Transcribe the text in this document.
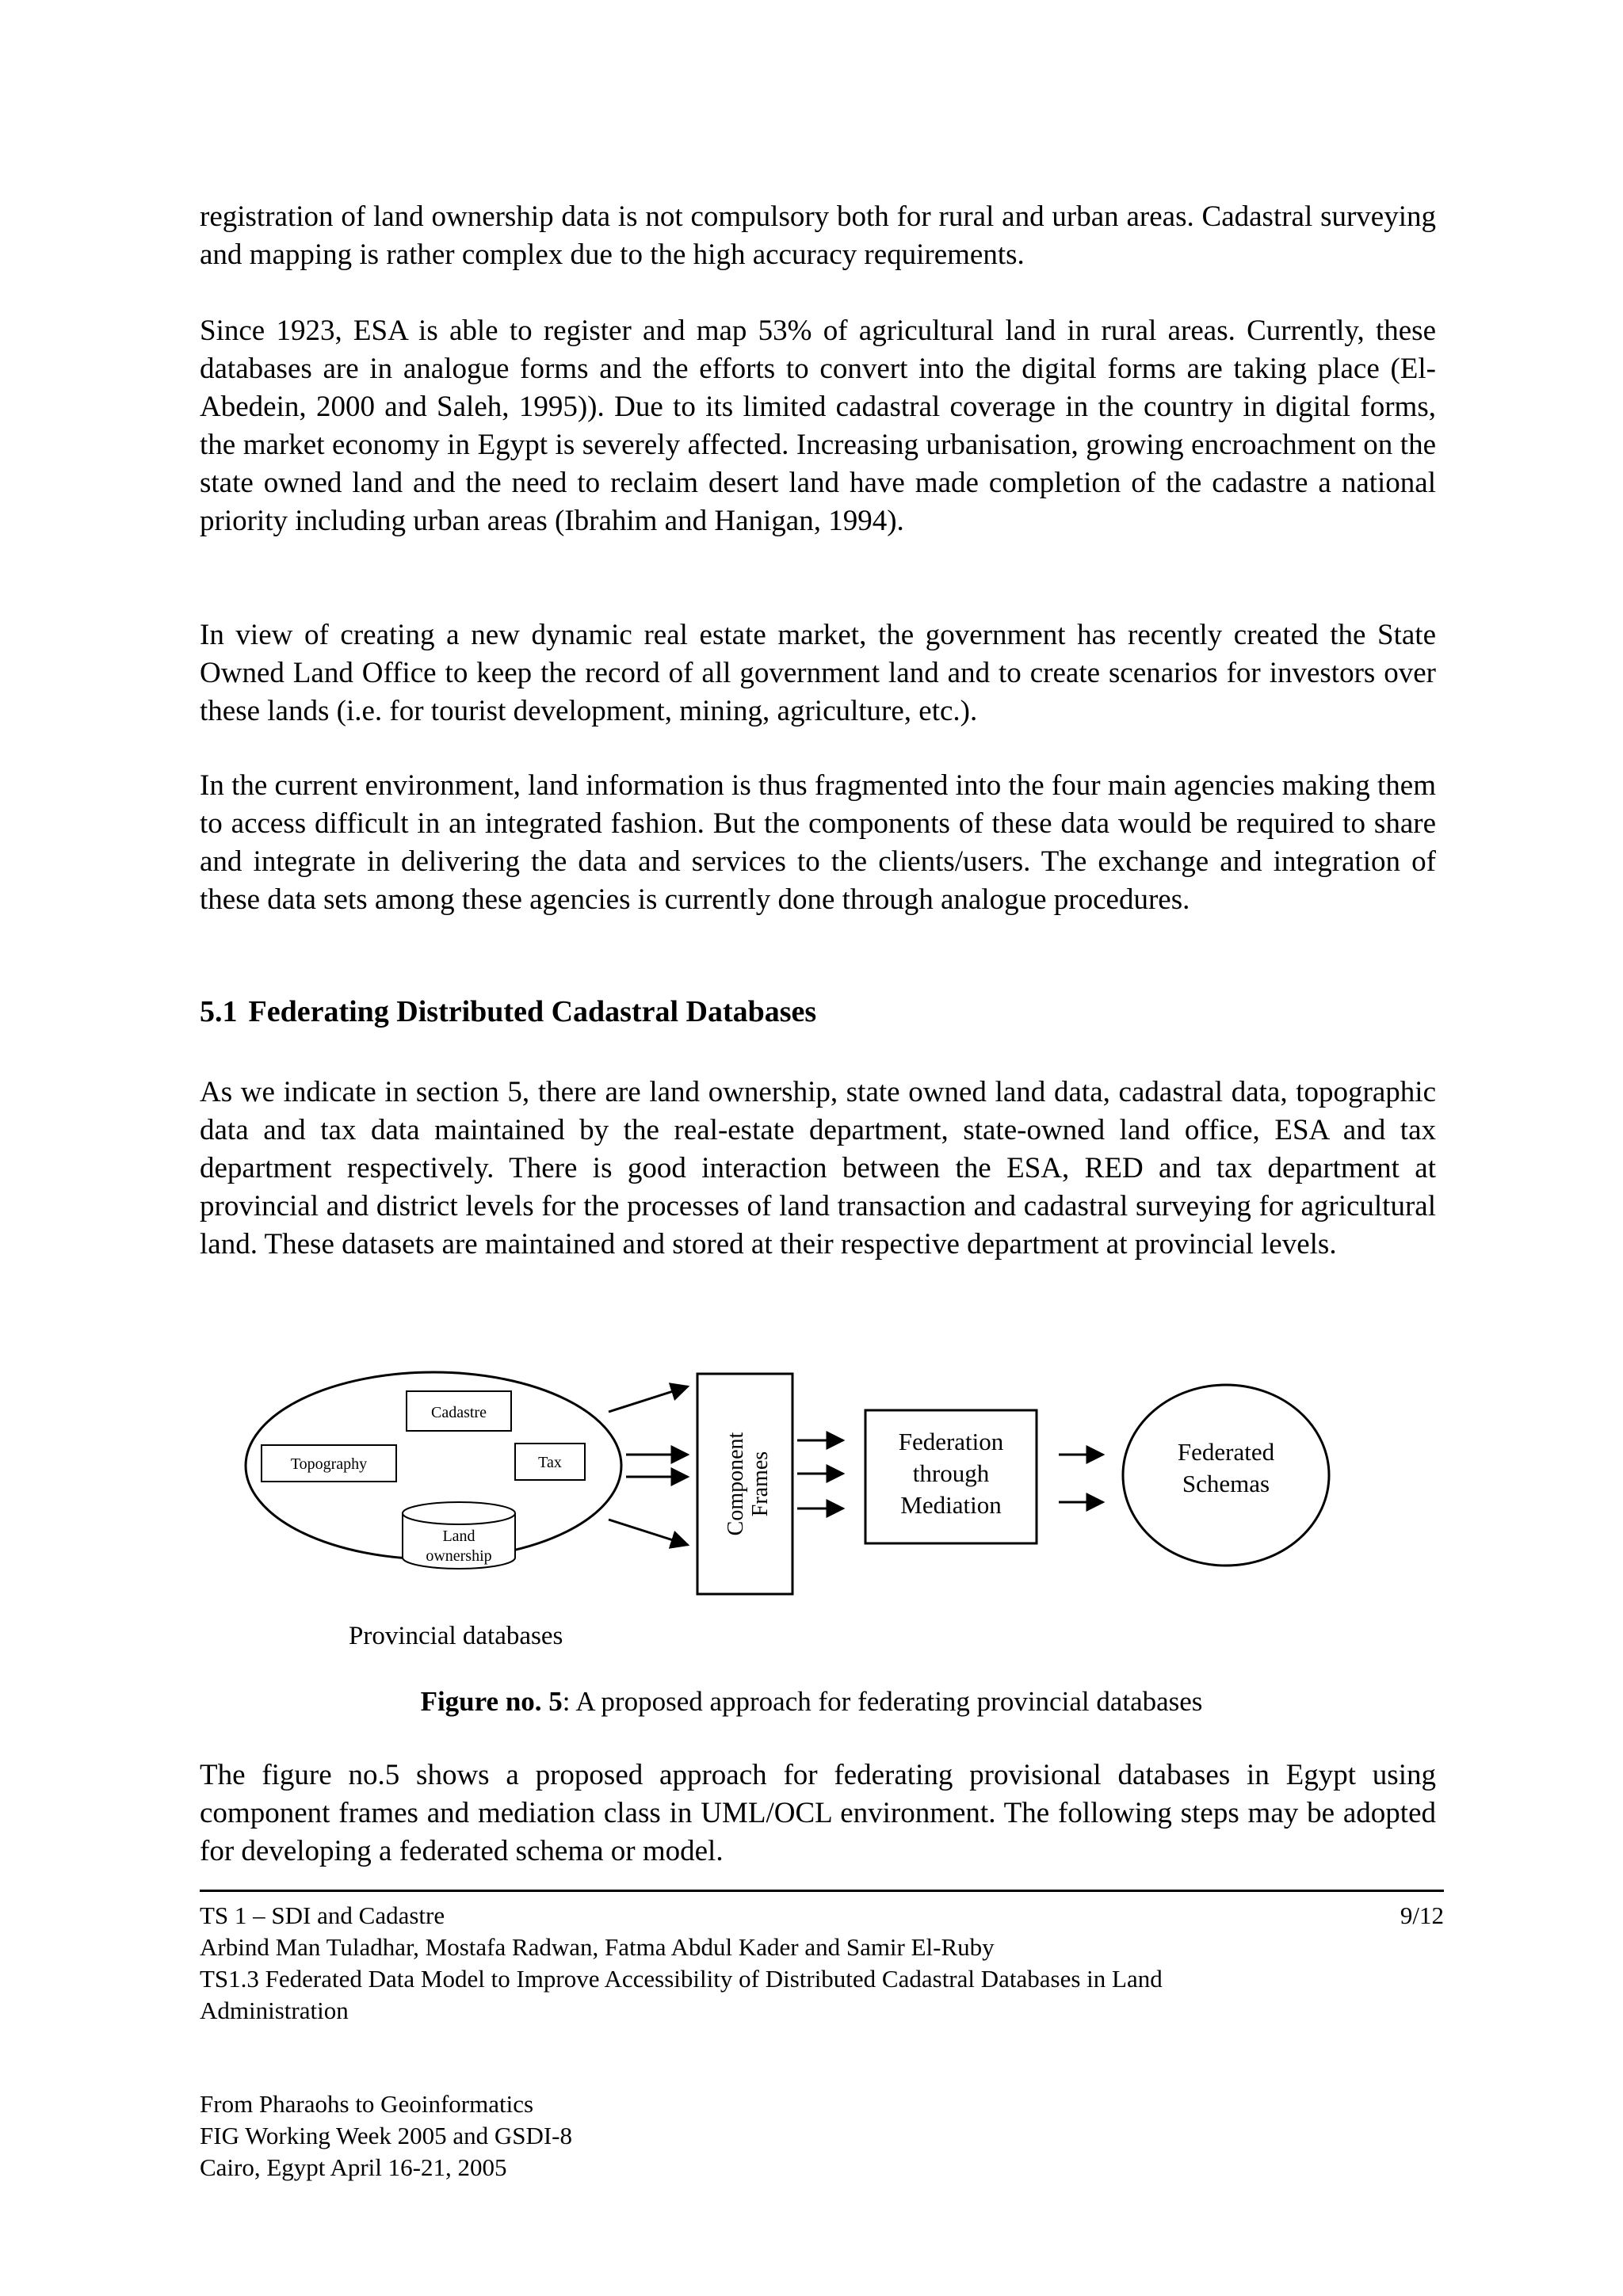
registration of land ownership data is not compulsory both for rural and urban areas. Cadastral surveying and mapping is rather complex due to the high accuracy requirements.

Since 1923, ESA is able to register and map 53% of agricultural land in rural areas. Currently, these databases are in analogue forms and the efforts to convert into the digital forms are taking place (El-Abedein, 2000 and Saleh, 1995)). Due to its limited cadastral coverage in the country in digital forms, the market economy in Egypt is severely affected. Increasing urbanisation, growing encroachment on the state owned land and the need to reclaim desert land have made completion of the cadastre a national priority including urban areas (Ibrahim and Hanigan, 1994).

In view of creating a new dynamic real estate market, the government has recently created the State Owned Land Office to keep the record of all government land and to create scenarios for investors over these lands (i.e. for tourist development, mining, agriculture, etc.).

In the current environment, land information is thus fragmented into the four main agencies making them to access difficult in an integrated fashion. But the components of these data would be required to share and integrate in delivering the data and services to the clients/users. The exchange and integration of these data sets among these agencies is currently done through analogue procedures.

5.1 Federating Distributed Cadastral Databases

As we indicate in section 5, there are land ownership, state owned land data, cadastral data, topographic data and tax data maintained by the real-estate department, state-owned land office, ESA and tax department respectively. There is good interaction between the ESA, RED and tax department at provincial and district levels for the processes of land transaction and cadastral surveying for agricultural land. These datasets are maintained and stored at their respective department at provincial levels.

Cadastre
Topography	Tax
Land
ownership
Component Frames
Federation
through
Mediation
Federated
Schemas
Provincial databases

Figure no. 5: A proposed approach for federating provincial databases

The figure no.5 shows a proposed approach for federating provisional databases in Egypt using component frames and mediation class in UML/OCL environment. The following steps may be adopted for developing a federated schema or model.

TS 1 – SDI and Cadastre	9/12
Arbind Man Tuladhar, Mostafa Radwan, Fatma Abdul Kader and Samir El-Ruby
TS1.3 Federated Data Model to Improve Accessibility of Distributed Cadastral Databases in Land
Administration
From Pharaohs to Geoinformatics
FIG Working Week 2005 and GSDI-8
Cairo, Egypt April 16-21, 2005
